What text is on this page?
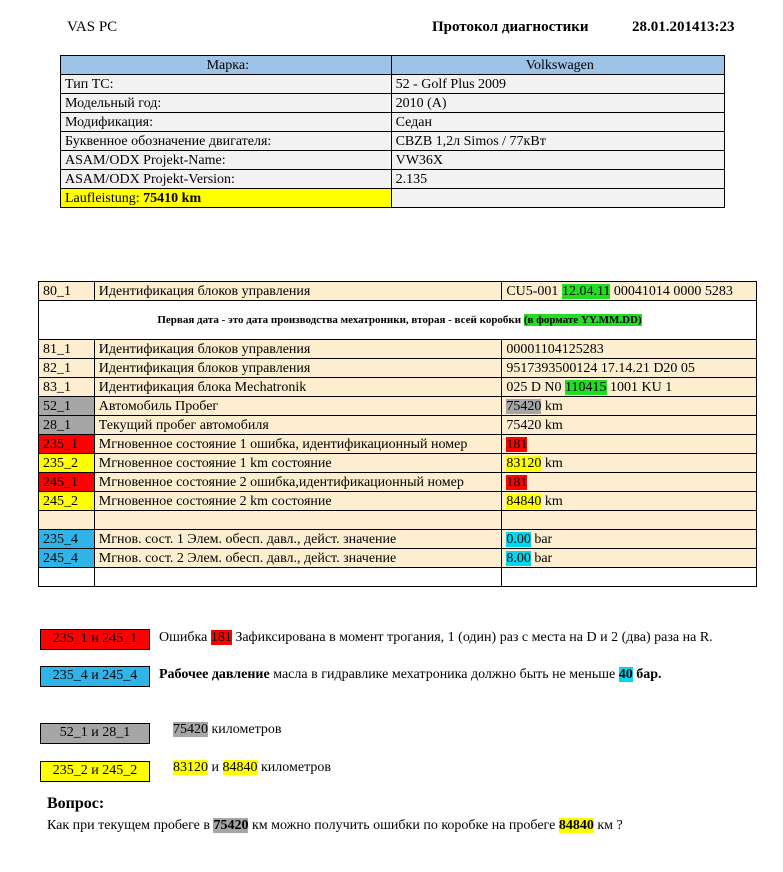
VAS PC	Протокол диагностики	28.01.201413:23
Марка:	Volkswagen
Тип ТС:	52 - Golf Plus 2009
Модельный год:	2010 (A)
Модификация:	Седан
Буквенное обозначение двигателя:	CBZB 1,2л Simos / 77кВт
ASAM/ODX Projekt-Name:	VW36X
ASAM/ODX Projekt-Version:	2.135
Laufleistung: 75410 km	
80_1	Идентификация блоков управления	CU5-001 12.04.11 00041014 0000 5283
Первая дата - это дата производства мехатроники, вторая - всей коробки (в формате YY.MM.DD)		
81_1	Идентификация блоков управления	00001104125283
82_1	Идентификация блоков управления	9517393500124 17.14.21 D20 05
83_1	Идентификация блока Mechatronik	025 D N0 110415 1001 KU 1
52_1	Автомобиль Пробег	75420 km
28_1	Текущий пробег автомобиля	75420 km
235_1	Мгновенное состояние 1 ошибка, идентификационный номер	181
235_2	Мгновенное состояние 1 km состояние	83120 km
245_1	Мгновенное состояние 2 ошибка,идентификационный номер	181
245_2	Мгновенное состояние 2 km состояние	84840 km

235_4	Мгнов. сост. 1 Элем. обесп. давл., дейст. значение	0.00 bar
245_4	Мгнов. сост. 2 Элем. обесп. давл., дейст. значение	8.00 bar

235_1 и 245_1	Ошибка 181 Зафиксирована в момент трогания, 1 (один) раз с места на D и 2 (два) раза на R.
235_4 и 245_4	Рабочее давление масла в гидравлике мехатроника должно быть не меньше 40 бар.
52_1 и 28_1	75420 километров
235_2 и 245_2	83120 и 84840 километров
Вопрос:
Как при текущем пробеге в 75420 км можно получить ошибки по коробке на пробеге 84840 км ?
